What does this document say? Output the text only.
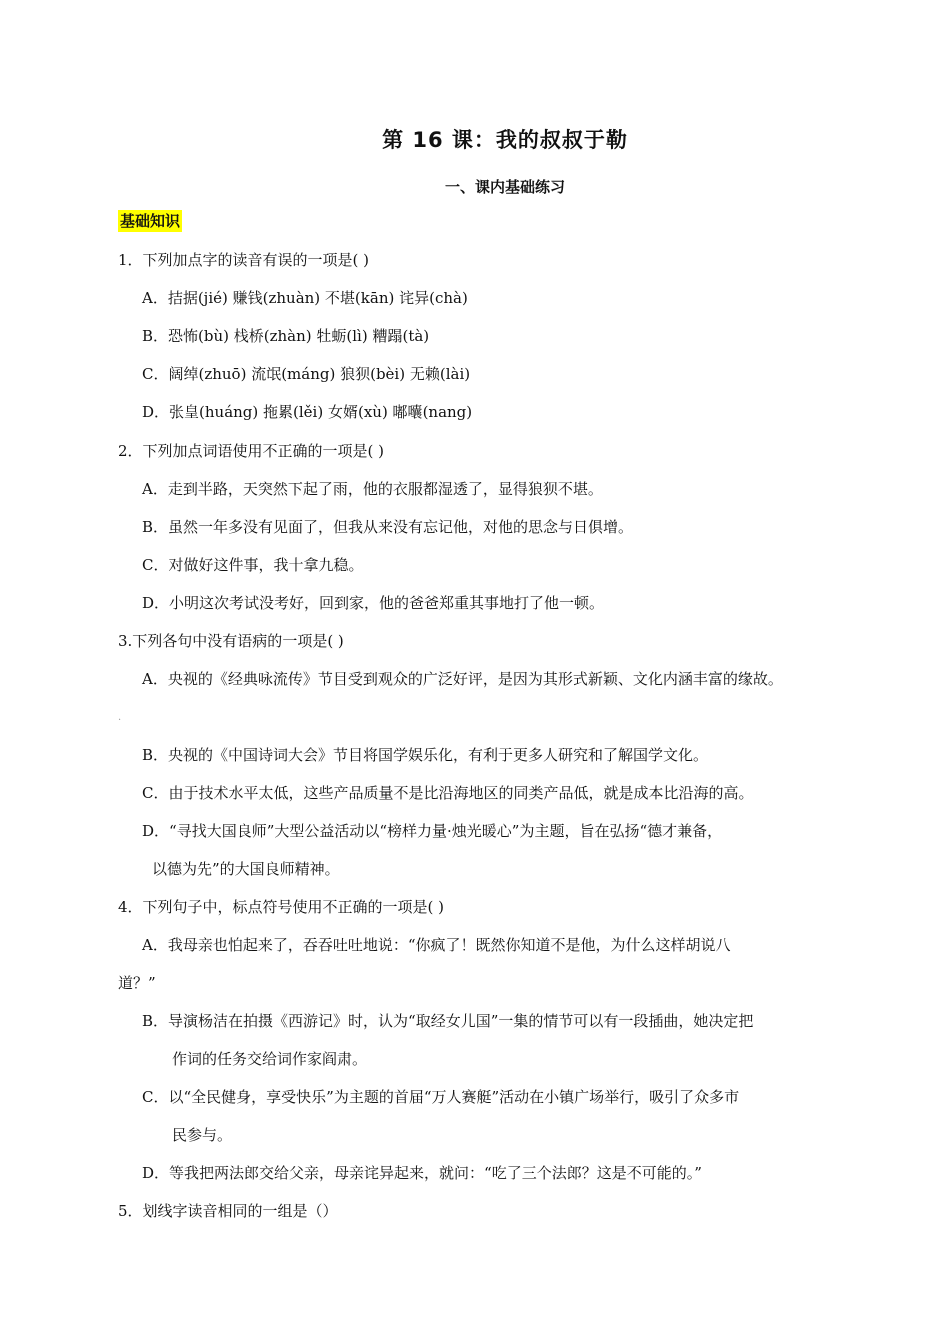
第 16 课：我的叔叔于勒
一、课内基础练习
基础知识
1．下列加点字的读音有误的一项是( )
A．拮据(jié) 赚钱(zhuàn) 不堪(kān) 诧异(chà)
B．恐怖(bù) 栈桥(zhàn) 牡蛎(lì) 糟蹋(tà)
C．阔绰(zhuō) 流氓(máng) 狼狈(bèi) 无赖(lài)
D．张皇(huáng) 拖累(lěi) 女婿(xù) 嘟囔(nang)
2．下列加点词语使用不正确的一项是( )
A．走到半路，天突然下起了雨，他的衣服都湿透了，显得狼狈不堪。
B．虽然一年多没有见面了，但我从来没有忘记他，对他的思念与日俱增。
C．对做好这件事，我十拿九稳。
D．小明这次考试没考好，回到家，他的爸爸郑重其事地打了他一顿。
3.下列各句中没有语病的一项是( )
A．央视的《经典咏流传》节目受到观众的广泛好评，是因为其形式新颖、文化内涵丰富的缘故。
.
B．央视的《中国诗词大会》节目将国学娱乐化，有利于更多人研究和了解国学文化。
C．由于技术水平太低，这些产品质量不是比沿海地区的同类产品低，就是成本比沿海的高。
D．“寻找大国良师”大型公益活动以“榜样力量·烛光暖心”为主题，旨在弘扬“德才兼备，
以德为先”的大国良师精神。
4．下列句子中，标点符号使用不正确的一项是( )
A．我母亲也怕起来了，吞吞吐吐地说：“你疯了！既然你知道不是他，为什么这样胡说八
道？”
B．导演杨洁在拍摄《西游记》时，认为“取经女儿国”一集的情节可以有一段插曲，她决定把
作词的任务交给词作家阎肃。
C．以“全民健身，享受快乐”为主题的首届“万人赛艇”活动在小镇广场举行，吸引了众多市
民参与。
D．等我把两法郎交给父亲，母亲诧异起来，就问：“吃了三个法郎？这是不可能的。”
5．划线字读音相同的一组是（）
